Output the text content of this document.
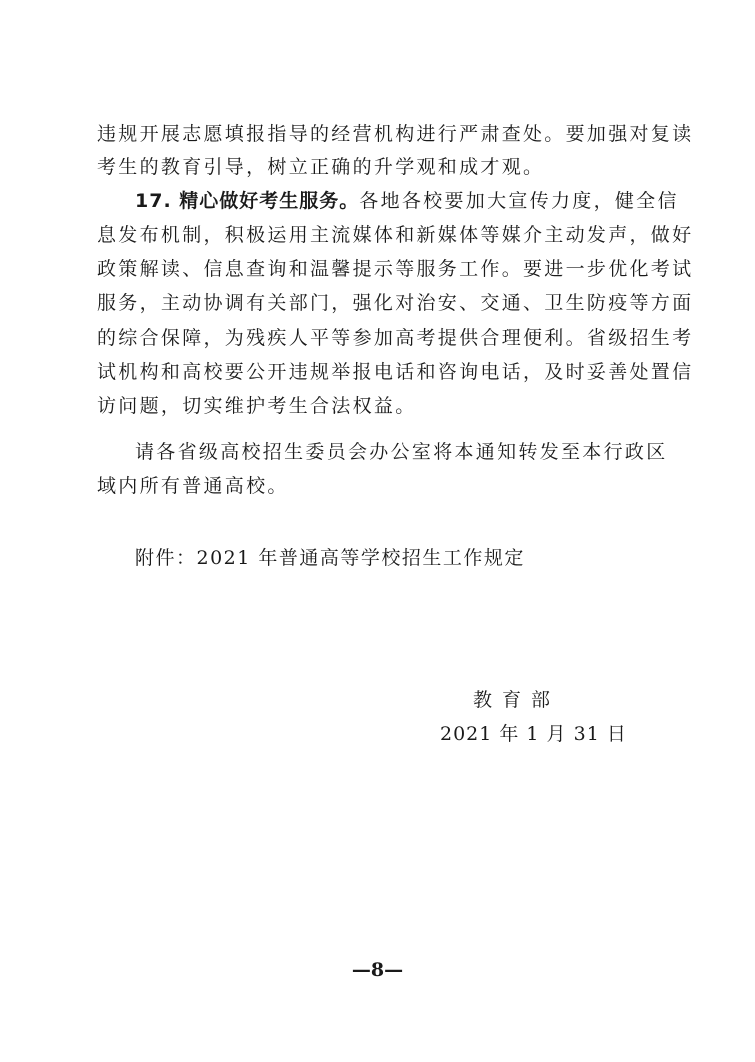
违规开展志愿填报指导的经营机构进行严肃查处。要加强对复读
考生的教育引导，树立正确的升学观和成才观。
17. 精心做好考生服务。各地各校要加大宣传力度，健全信
息发布机制，积极运用主流媒体和新媒体等媒介主动发声，做好
政策解读、信息查询和温馨提示等服务工作。要进一步优化考试
服务，主动协调有关部门，强化对治安、交通、卫生防疫等方面
的综合保障，为残疾人平等参加高考提供合理便利。省级招生考
试机构和高校要公开违规举报电话和咨询电话，及时妥善处置信
访问题，切实维护考生合法权益。
请各省级高校招生委员会办公室将本通知转发至本行政区
域内所有普通高校。
附件：2021 年普通高等学校招生工作规定
教育部
2021 年 1 月 31 日
—8—
